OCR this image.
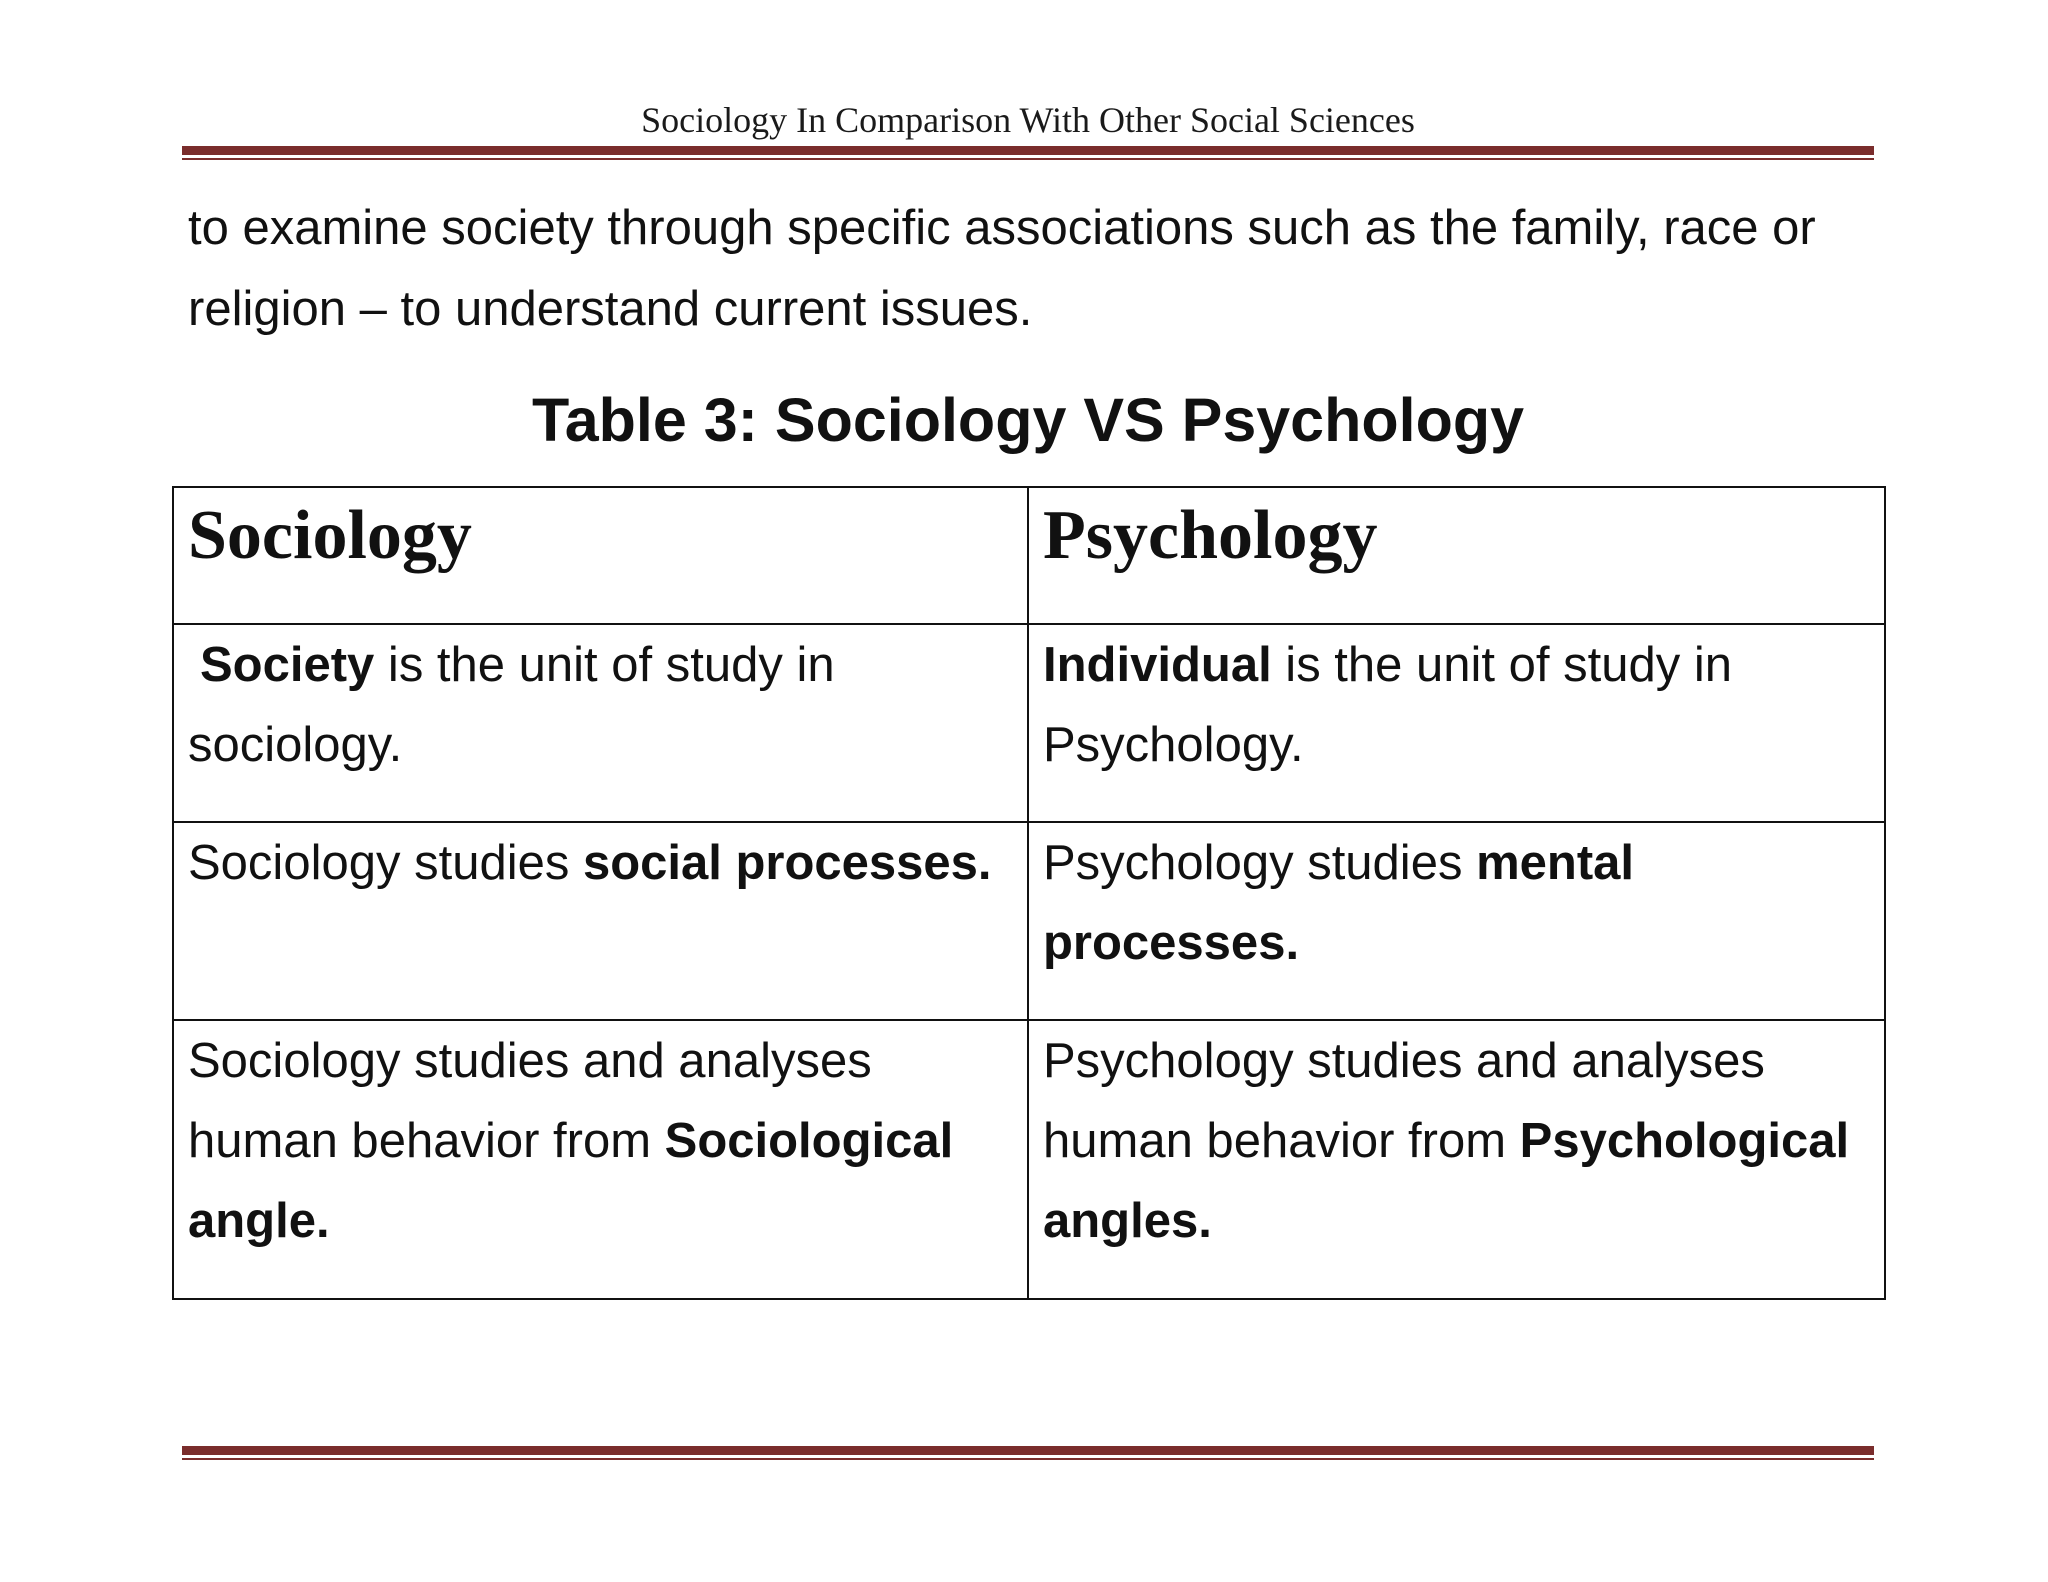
Sociology In Comparison With Other Social Sciences

to examine society through specific associations such as the family, race or religion – to understand current issues.

Table 3: Sociology VS Psychology
Sociology	Psychology

Society is the unit of study in sociology.	Individual is the unit of study in Psychology.

Sociology studies social processes.	Psychology studies mental processes.

Sociology studies and analyses human behavior from Sociological angle.	Psychology studies and analyses human behavior from Psychological angles.
